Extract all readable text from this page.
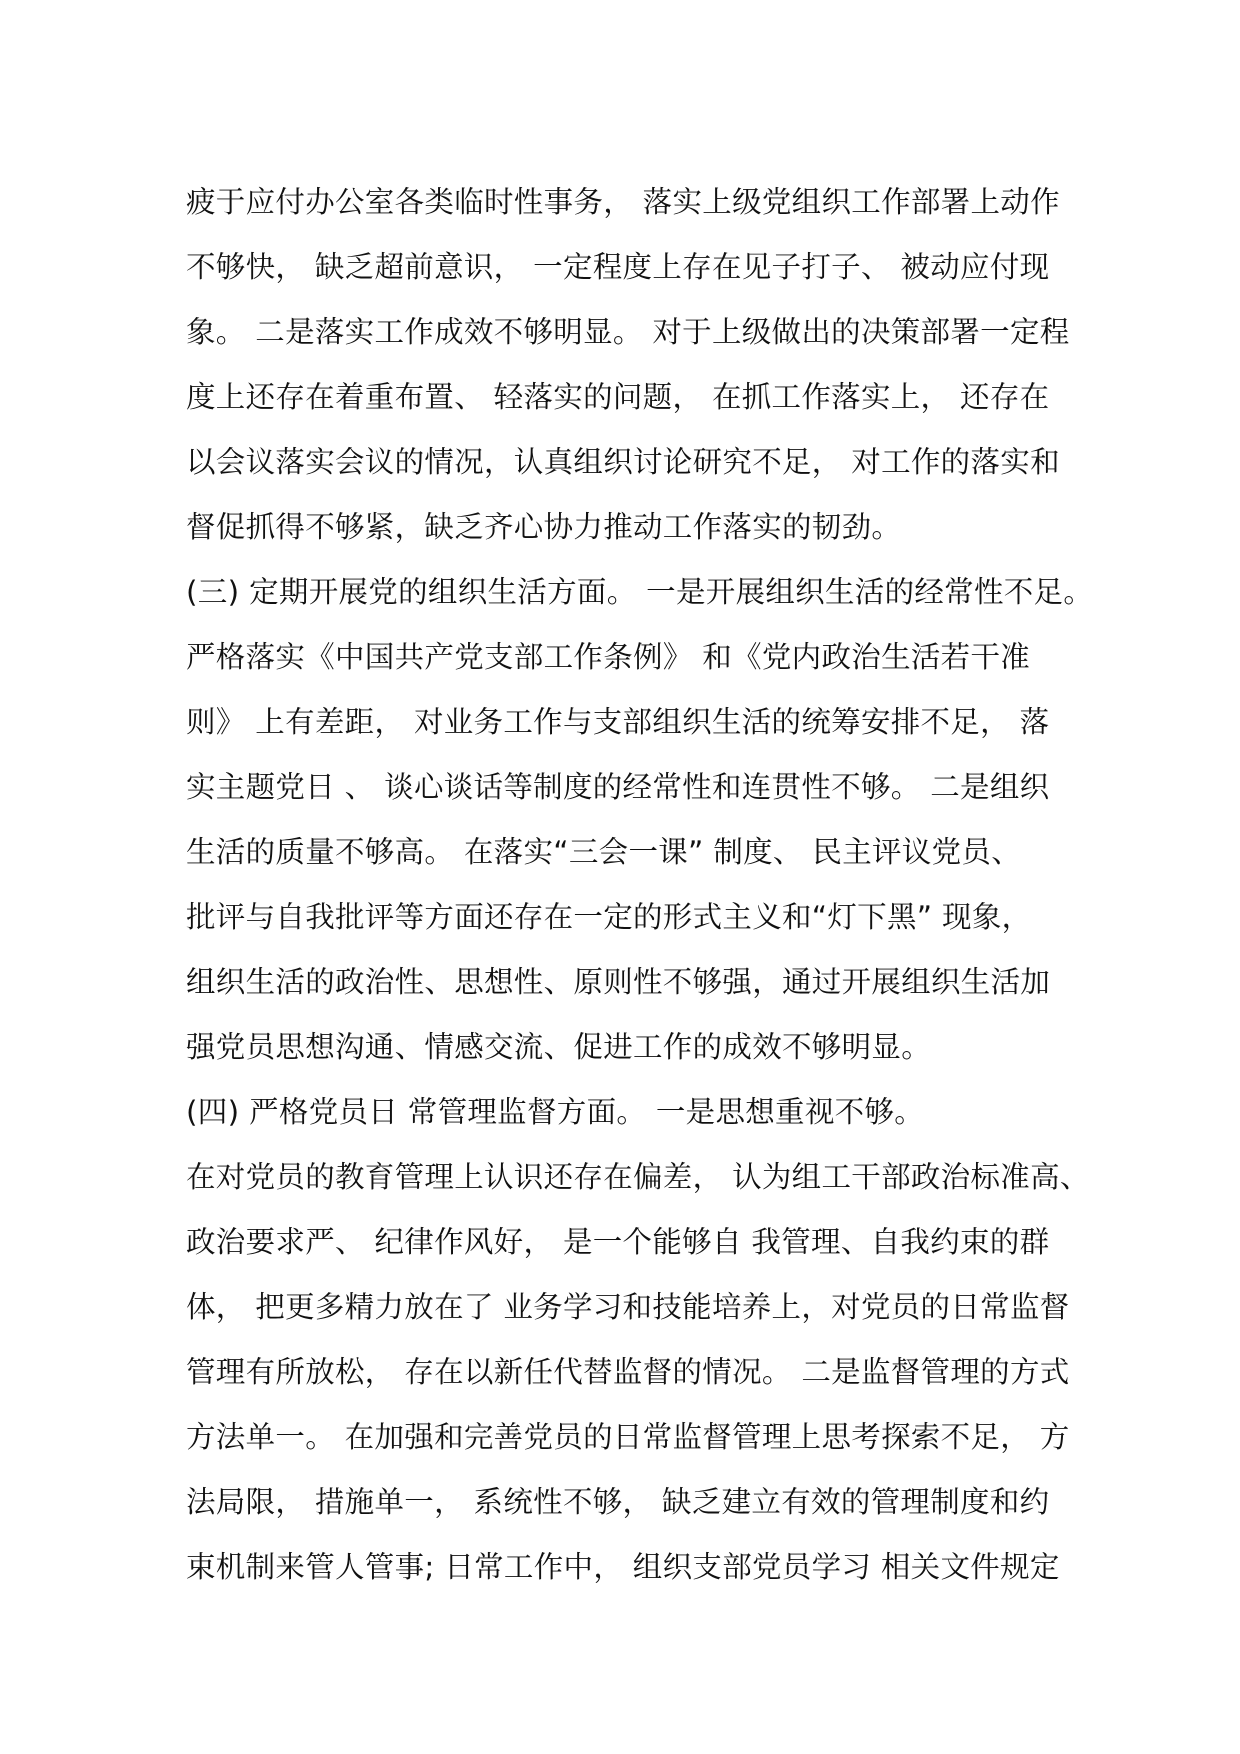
疲于应付办公室各类临时性事务， 落实上级党组织工作部署上动作
不够快， 缺乏超前意识， 一定程度上存在见子打子、 被动应付现
象。 二是落实工作成效不够明显。 对于上级做出的决策部署一定程
度上还存在着重布置、 轻落实的问题， 在抓工作落实上， 还存在
以会议落实会议的情况，认真组织讨论研究不足， 对工作的落实和
督促抓得不够紧，缺乏齐心协力推动工作落实的韧劲。
(三) 定期开展党的组织生活方面。 一是开展组织生活的经常性不足。
严格落实《中国共产党支部工作条例》 和《党内政治生活若干准
则》 上有差距， 对业务工作与支部组织生活的统筹安排不足， 落
实主题党日 、 谈心谈话等制度的经常性和连贯性不够。 二是组织
生活的质量不够高。 在落实“三会一课” 制度、 民主评议党员、
批评与自我批评等方面还存在一定的形式主义和“灯下黑” 现象，
组织生活的政治性、思想性、原则性不够强，通过开展组织生活加
强党员思想沟通、情感交流、促进工作的成效不够明显。
(四) 严格党员日 常管理监督方面。 一是思想重视不够。
在对党员的教育管理上认识还存在偏差， 认为组工干部政治标准高、
政治要求严、 纪律作风好， 是一个能够自 我管理、自我约束的群
体， 把更多精力放在了 业务学习和技能培养上，对党员的日常监督
管理有所放松， 存在以新任代替监督的情况。 二是监督管理的方式
方法单一。 在加强和完善党员的日常监督管理上思考探索不足， 方
法局限， 措施单一， 系统性不够， 缺乏建立有效的管理制度和约
束机制来管人管事; 日常工作中， 组织支部党员学习 相关文件规定
